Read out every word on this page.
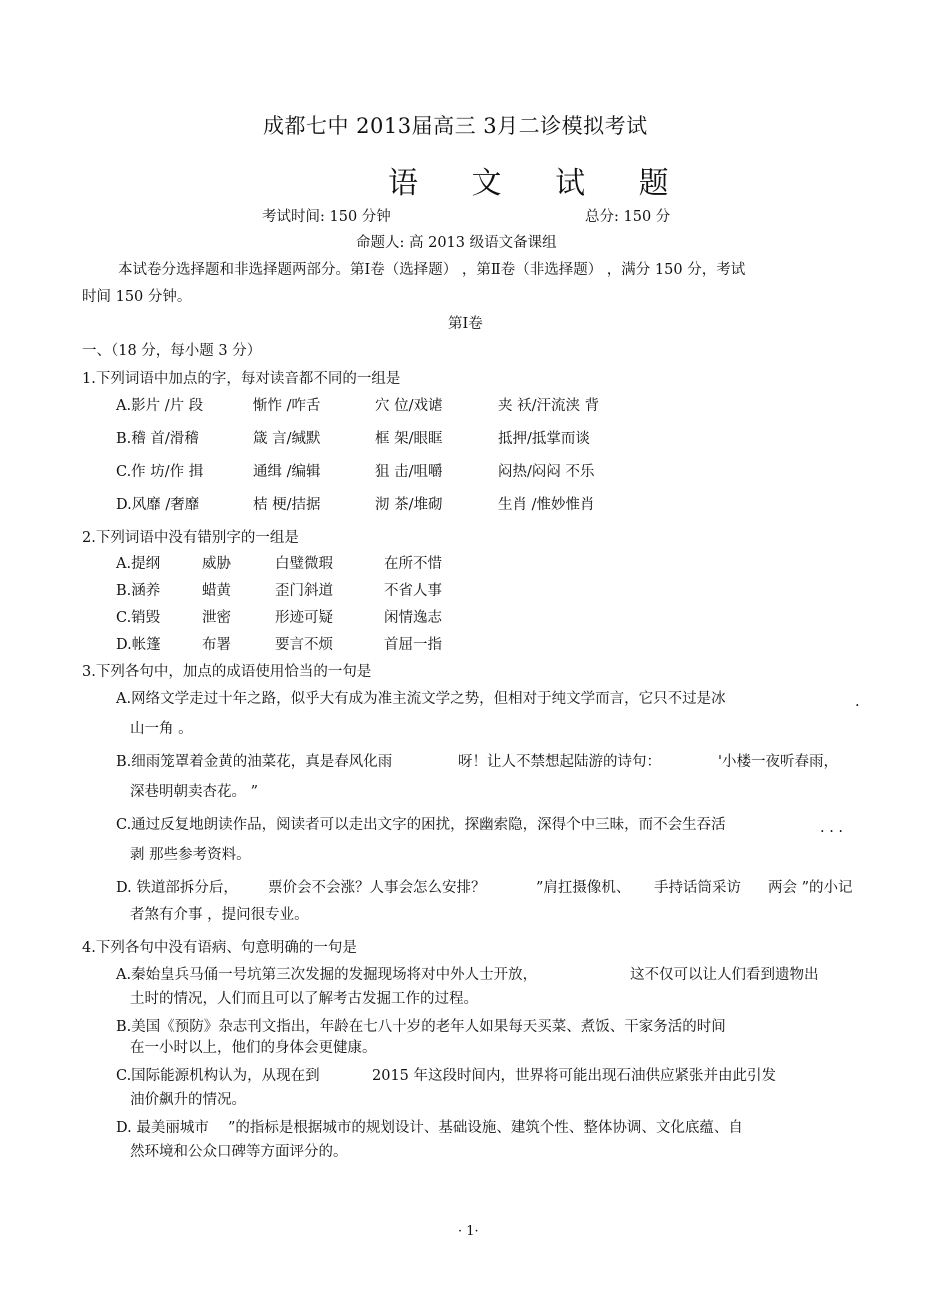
成都七中 2013届高三 3月二诊模拟考试
语 文 试 题
考试时间: 150 分钟	总分: 150 分
命题人: 高 2013 级语文备课组
本试卷分选择题和非选择题两部分。第Ⅰ卷（选择题） ，第Ⅱ卷（非选择题） ，满分 150 分，考试
时间 150 分钟。
第Ⅰ卷
一、（18 分，每小题 3 分）
1.下列词语中加点的字，每对读音都不同的一组是
A.影片 /片 段	惭怍 /咋舌	穴 位/戏谑	夹 袄/汗流浃 背
B.稽 首/滑稽	箴 言/缄默	框 架/眼眶	抵押/抵掌而谈
C.作 坊/作 揖	通缉 /编辑	狙 击/咀嚼	闷热/闷闷 不乐
D.风靡 /奢靡	桔 梗/拮据	沏 茶/堆砌	生肖 /惟妙惟肖
2.下列词语中没有错别字的一组是
A.提纲	威胁	白璧微瑕	在所不惜
B.涵养	蜡黄	歪门斜道	不省人事
C.销毁	泄密	形迹可疑	闲情逸志
D.帐篷	布署	要言不烦	首屈一指
3.下列各句中，加点的成语使用恰当的一句是
A.网络文学走过十年之路，似乎大有成为准主流文学之势，但相对于纯文学而言，它只不过是冰	.
山一角 。
B.细雨笼罩着金黄的油菜花，真是春风化雨	呀！让人不禁想起陆游的诗句：	'小楼一夜听春雨，
深巷明朝卖杏花。 ”
C.通过反复地朗读作品，阅读者可以走出文字的困扰，探幽索隐，深得个中三昧，而不会生吞活	. . .
剥 那些参考资料。
D. 铁道部拆分后， 票价会不会涨？人事会怎么安排？	”肩扛摄像机、 手持话筒采访 两会 ”的小记
者煞有介事 ，提问很专业。
4.下列各句中没有语病、句意明确的一句是
A.秦始皇兵马俑一号坑第三次发掘的发掘现场将对中外人士开放，	这不仅可以让人们看到遗物出
土时的情况，人们而且可以了解考古发掘工作的过程。
B.美国《预防》杂志刊文指出，年龄在七八十岁的老年人如果每天买菜、煮饭、干家务活的时间
在一小时以上，他们的身体会更健康。
C.国际能源机构认为，从现在到	2015 年这段时间内，世界将可能出现石油供应紧张并由此引发
油价飙升的情况。
D. 最美丽城市 ”的指标是根据城市的规划设计、基础设施、建筑个性、整体协调、文化底蕴、自
然环境和公众口碑等方面评分的。
· 1·
